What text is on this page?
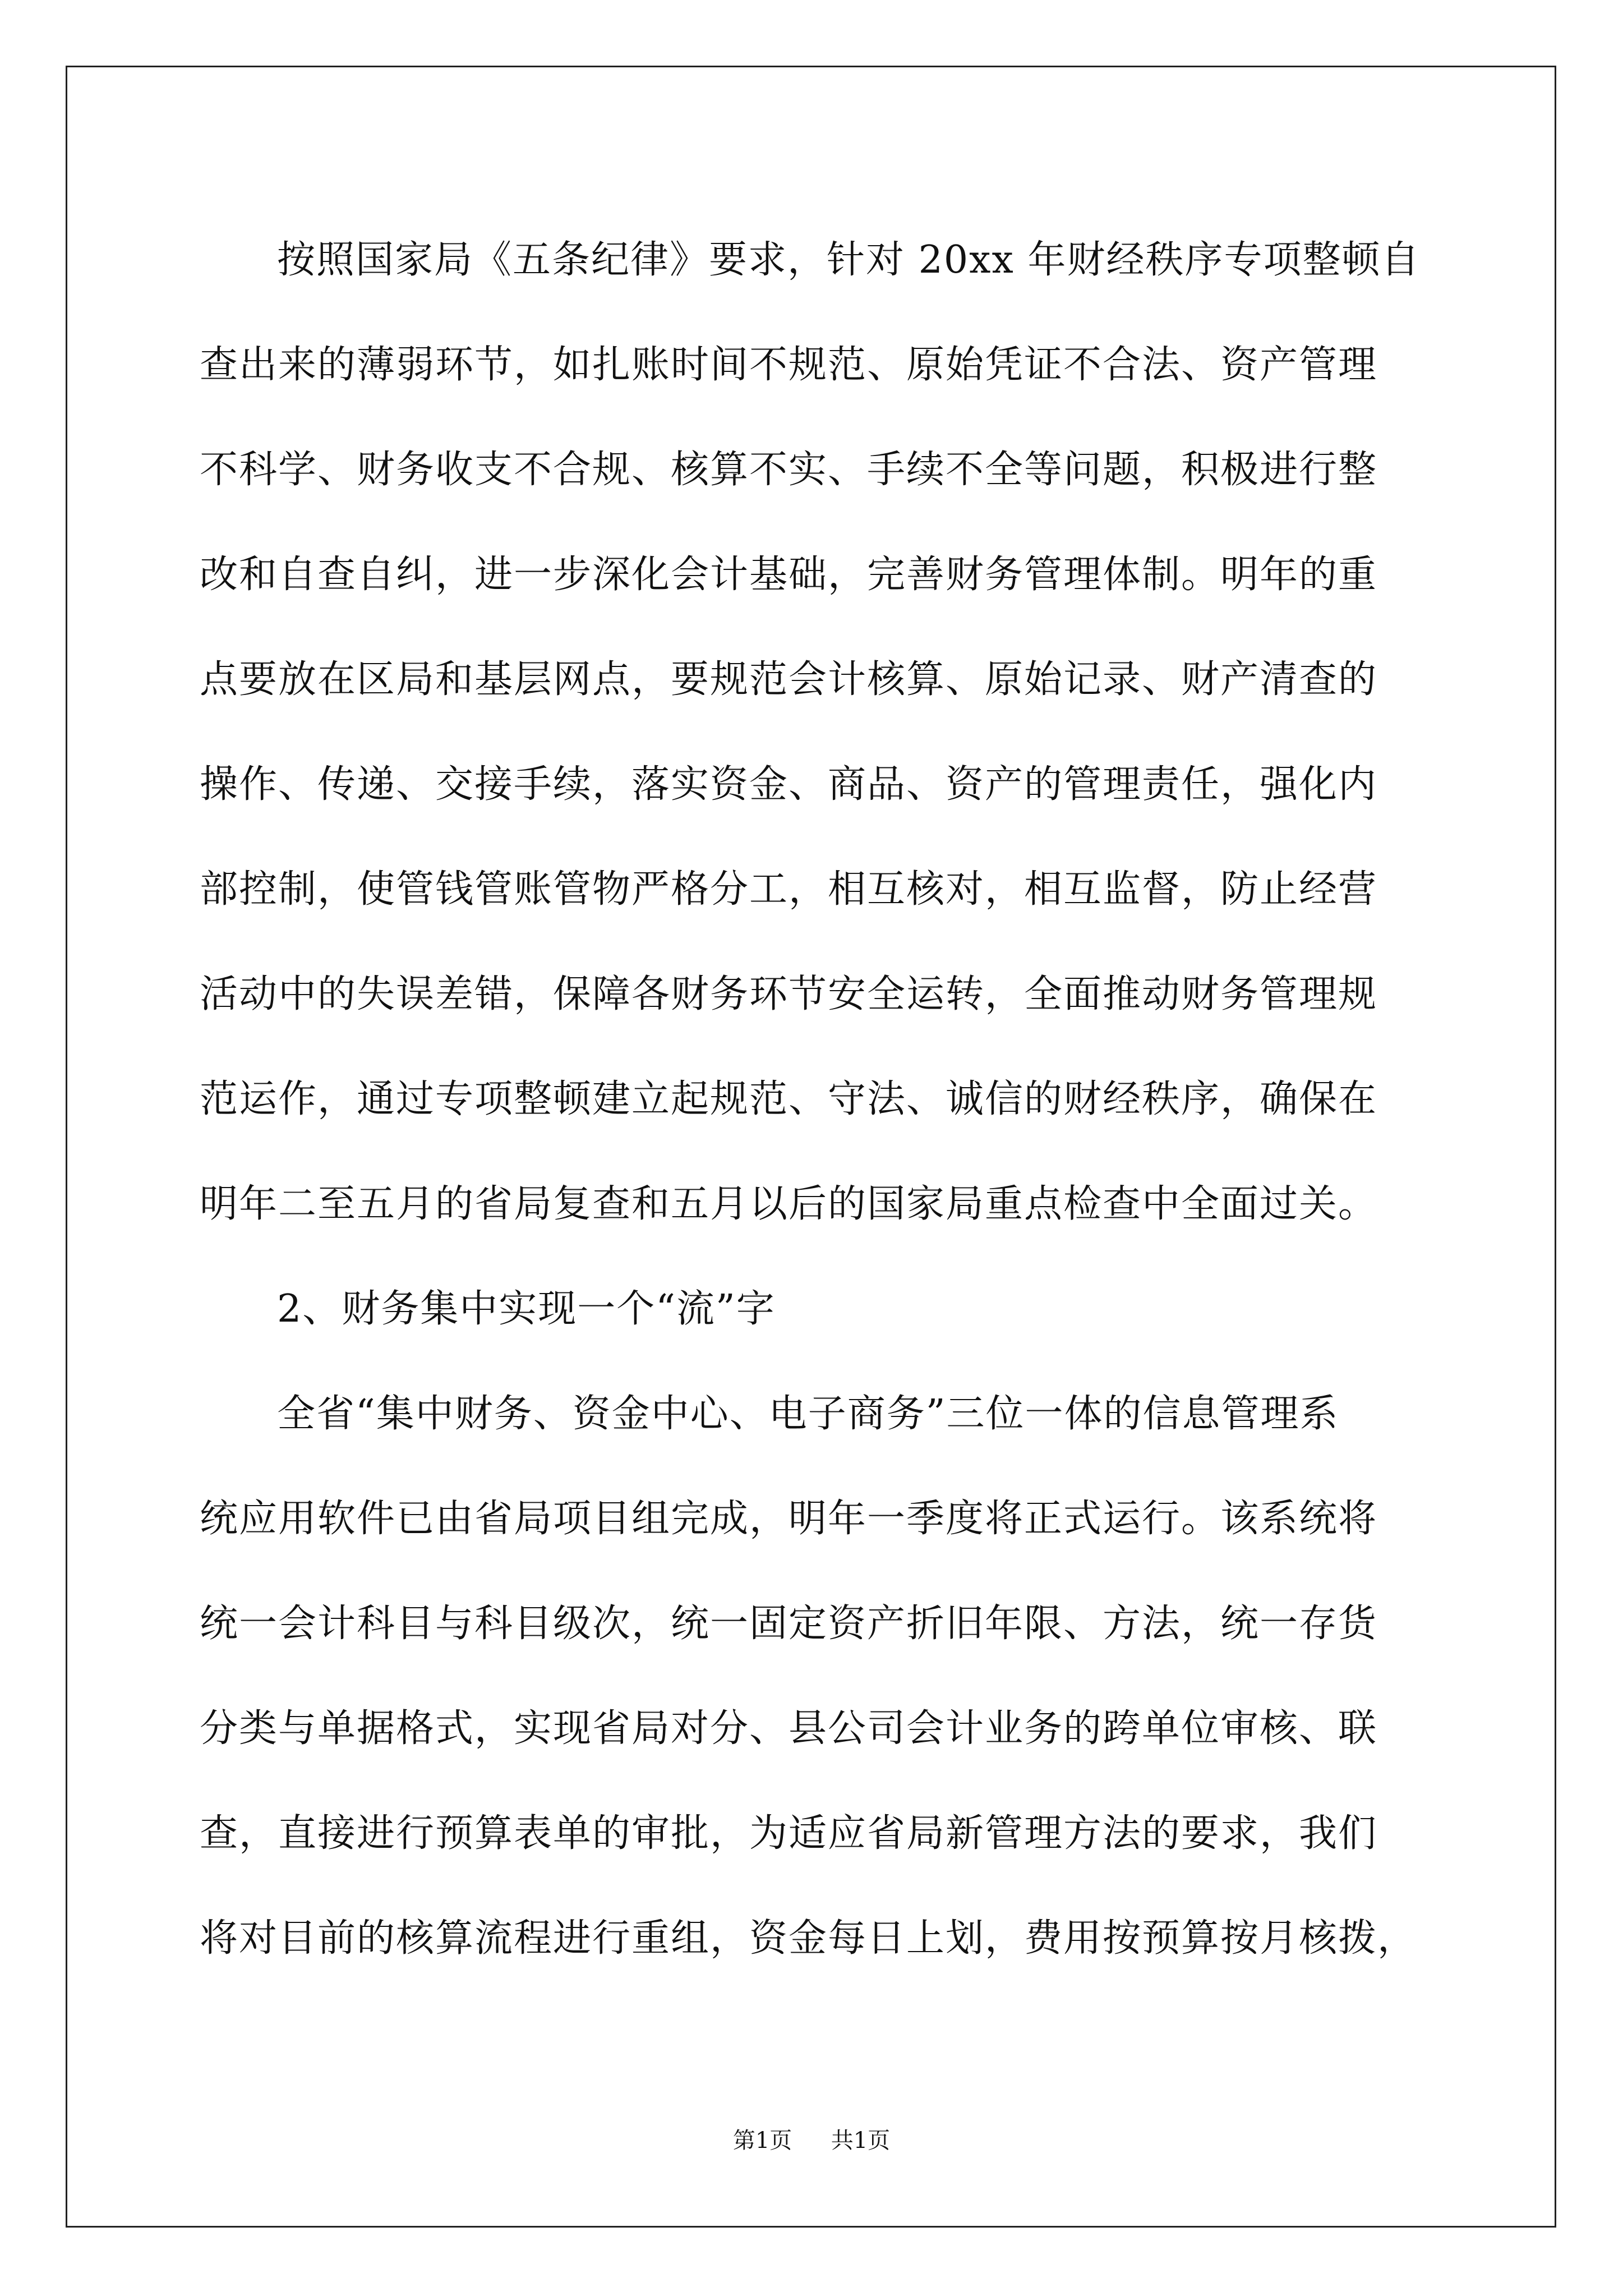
按照国家局《五条纪律》要求，针对 20xx 年财经秩序专项整顿自
查出来的薄弱环节，如扎账时间不规范、原始凭证不合法、资产管理
不科学、财务收支不合规、核算不实、手续不全等问题，积极进行整
改和自查自纠，进一步深化会计基础，完善财务管理体制。明年的重
点要放在区局和基层网点，要规范会计核算、原始记录、财产清查的
操作、传递、交接手续，落实资金、商品、资产的管理责任，强化内
部控制，使管钱管账管物严格分工，相互核对，相互监督，防止经营
活动中的失误差错，保障各财务环节安全运转，全面推动财务管理规
范运作，通过专项整顿建立起规范、守法、诚信的财经秩序，确保在
明年二至五月的省局复查和五月以后的国家局重点检查中全面过关。
2、财务集中实现一个“流”字
全省“集中财务、资金中心、电子商务”三位一体的信息管理系
统应用软件已由省局项目组完成，明年一季度将正式运行。该系统将
统一会计科目与科目级次，统一固定资产折旧年限、方法，统一存货
分类与单据格式，实现省局对分、县公司会计业务的跨单位审核、联
查，直接进行预算表单的审批，为适应省局新管理方法的要求，我们
将对目前的核算流程进行重组，资金每日上划，费用按预算按月核拨，
第1页 共1页
